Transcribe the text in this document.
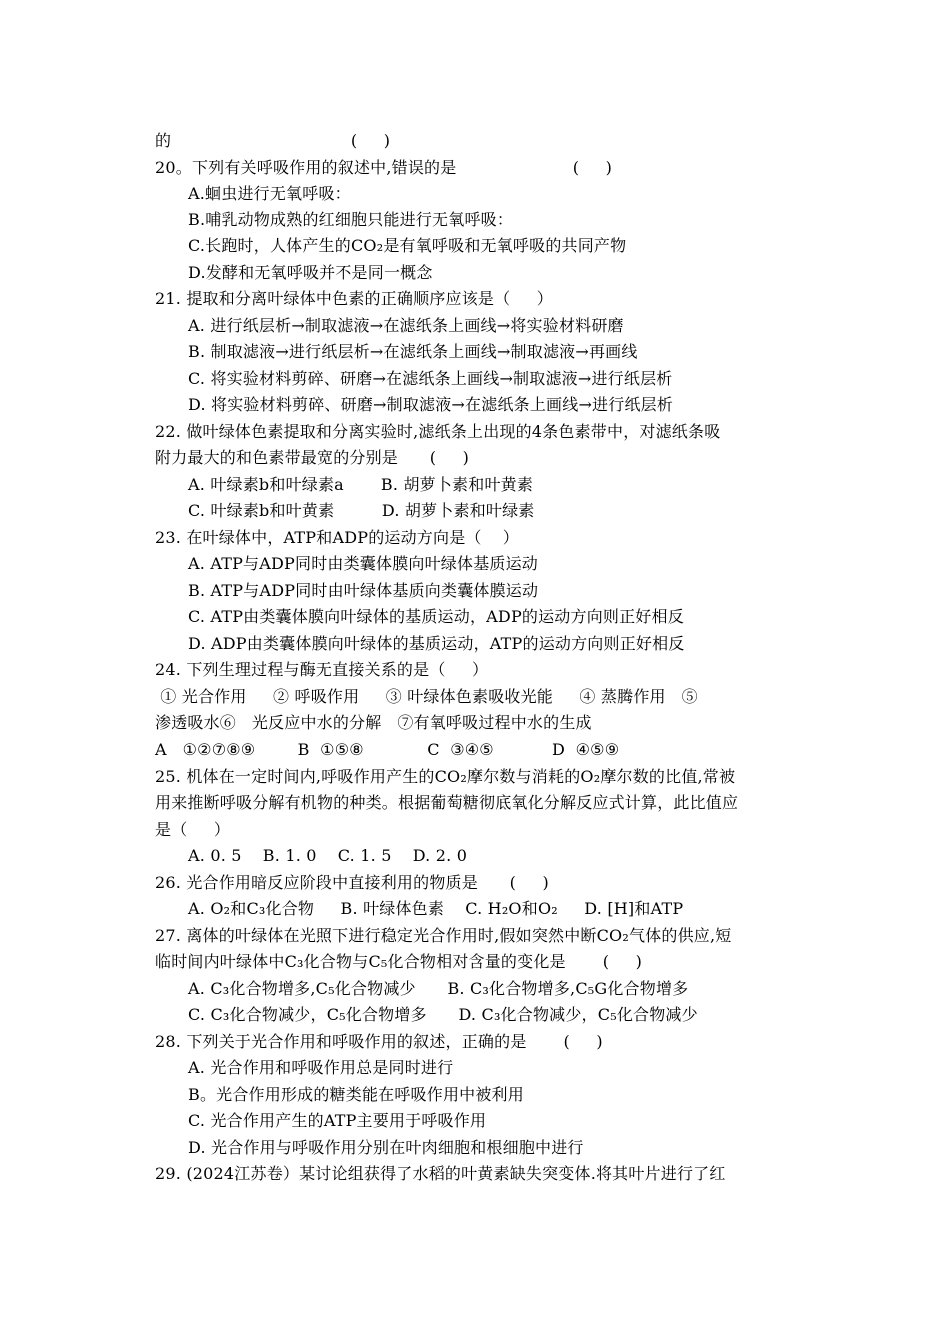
的                                  (     )
20。下列有关呼吸作用的叙述中,错误的是                      (     )
A.蛔虫进行无氧呼吸：
B.哺乳动物成熟的红细胞只能进行无氧呼吸：
C.长跑时，人体产生的CO₂是有氧呼吸和无氧呼吸的共同产物
D.发酵和无氧呼吸并不是同一概念
21. 提取和分离叶绿体中色素的正确顺序应该是（     ）
A. 进行纸层析→制取滤液→在滤纸条上画线→将实验材料研磨
B. 制取滤液→进行纸层析→在滤纸条上画线→制取滤液→再画线
C. 将实验材料剪碎、研磨→在滤纸条上画线→制取滤液→进行纸层析
D. 将实验材料剪碎、研磨→制取滤液→在滤纸条上画线→进行纸层析
22. 做叶绿体色素提取和分离实验时,滤纸条上出现的4条色素带中，对滤纸条吸
附力最大的和色素带最宽的分别是      (     )
A. 叶绿素b和叶绿素a       B. 胡萝卜素和叶黄素
C. 叶绿素b和叶黄素         D. 胡萝卜素和叶绿素
23. 在叶绿体中，ATP和ADP的运动方向是（    ）
A. ATP与ADP同时由类囊体膜向叶绿体基质运动
B. ATP与ADP同时由叶绿体基质向类囊体膜运动
C. ATP由类囊体膜向叶绿体的基质运动，ADP的运动方向则正好相反
D. ADP由类囊体膜向叶绿体的基质运动，ATP的运动方向则正好相反
24. 下列生理过程与酶无直接关系的是（     ）
① 光合作用     ② 呼吸作用     ③ 叶绿体色素吸收光能     ④ 蒸腾作用   ⑤
渗透吸水⑥   光反应中水的分解   ⑦有氧呼吸过程中水的生成
A   ①②⑦⑧⑨        B  ①⑤⑧            C  ③④⑤           D  ④⑤⑨
25. 机体在一定时间内,呼吸作用产生的CO₂摩尔数与消耗的O₂摩尔数的比值,常被
用来推断呼吸分解有机物的种类。根据葡萄糖彻底氧化分解反应式计算，此比值应
是（     ）
A. 0. 5    B. 1. 0    C. 1. 5    D. 2. 0
26. 光合作用暗反应阶段中直接利用的物质是      (     )
A. O₂和C₃化合物     B. 叶绿体色素    C. H₂O和O₂     D. [H]和ATP
27. 离体的叶绿体在光照下进行稳定光合作用时,假如突然中断CO₂气体的供应,短
临时间内叶绿体中C₃化合物与C₅化合物相对含量的变化是       (     )
A. C₃化合物增多,C₅化合物减少      B. C₃化合物增多,C₅G化合物增多
C. C₃化合物减少，C₅化合物增多      D. C₃化合物减少，C₅化合物减少
28. 下列关于光合作用和呼吸作用的叙述，正确的是       (     )
A. 光合作用和呼吸作用总是同时进行
B。光合作用形成的糖类能在呼吸作用中被利用
C. 光合作用产生的ATP主要用于呼吸作用
D. 光合作用与呼吸作用分别在叶肉细胞和根细胞中进行
29. (2024江苏卷）某讨论组获得了水稻的叶黄素缺失突变体.将其叶片进行了红
